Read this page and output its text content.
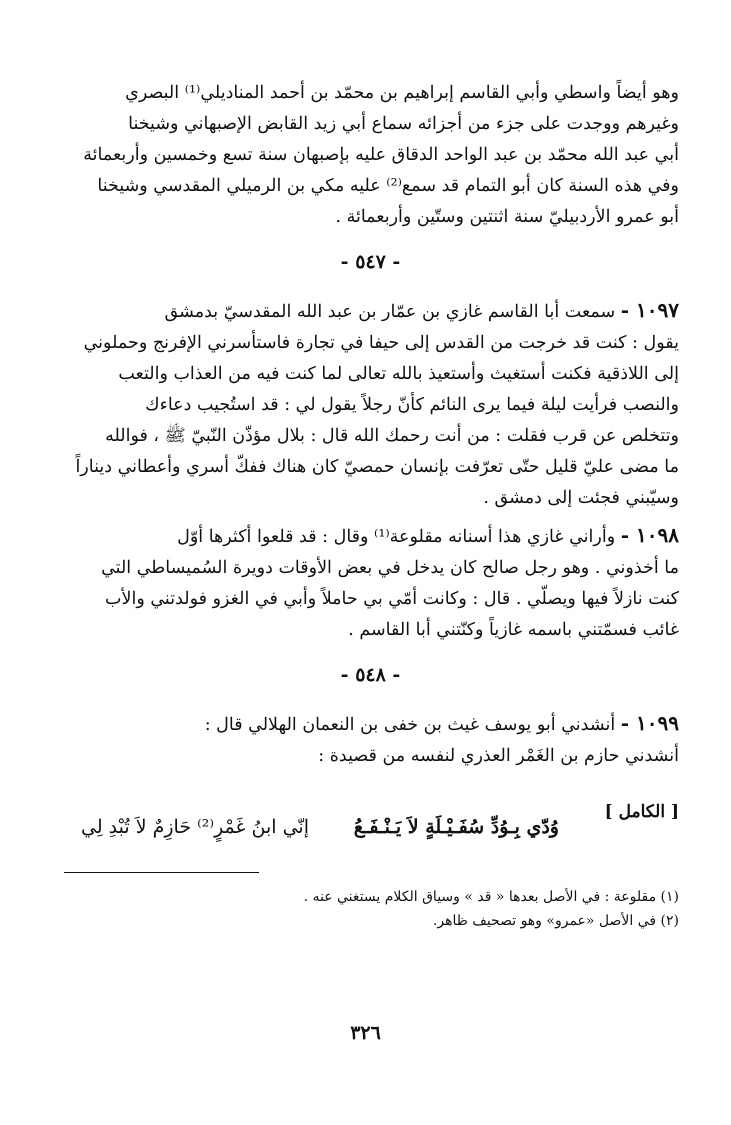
وهو أيضاً واسطي وأبي القاسم إبراهيم بن محمّد بن أحمد المناديلي⁽¹⁾ البصري
وغيرهم ووجدت على جزء من أجزائه سماع أبي زيد القابض الإصبهاني وشيخنا
أبي عبد الله محمّد بن عبد الواحد الدقاق عليه بإصبهان سنة تسع وخمسين وأربعمائة
وفي هذه السنة كان أبو التمام قد سمع⁽²⁾ عليه مكي بن الرميلي المقدسي وشيخنا
أبو عمرو الأردبيليّ سنة اثنتين وستّين وأربعمائة .
- ٥٤٧ -
١٠٩٧ - سمعت أبا القاسم غازي بن عمّار بن عبد الله المقدسيّ بدمشق
يقول : كنت قد خرجت من القدس إلى حيفا في تجارة فاستأسرني الإفرنج وحملوني
إلى اللاذقية فكنت أستغيث وأستعيذ بالله تعالى لما كنت فيه من العذاب والتعب
والنصب فرأيت ليلة فيما يرى النائم كأنّ رجلاً يقول لي : قد استُجيب دعاءك
وتتخلص عن قرب فقلت : من أنت رحمك الله قال : بلال مؤذّن النّبيّ ﷺ ، فوالله
ما مضى عليّ قليل حتّى تعرّفت بإنسان حمصيّ كان هناك ففكّ أسري وأعطاني ديناراً
وسيّبني فجئت إلى دمشق .
١٠٩٨ - وأراني غازي هذا أسنانه مقلوعة⁽¹⁾ وقال : قد قلعوا أكثرها أوّل
ما أخذوني . وهو رجل صالح كان يدخل في بعض الأوقات دويرة السُميساطي التي
كنت نازلاً فيها ويصلّي . قال : وكانت أمّي بي حاملاً وأبي في الغزو فولدتني والأب
غائب فسمّتني باسمه غازياً وكنّتني أبا القاسم .
- ٥٤٨ -
١٠٩٩ - أنشدني أبو يوسف غيث بن خفى بن النعمان الهلالي قال :
أنشدني حازم بن الغَمْر العذري لنفسه من قصيدة :
[ الكامل ]
إنّي ابنُ غَمْرٍ⁽²⁾ حَازِمٌ لاَ تُبْدِ لِي وُدّي بِـوُدِّ سُفَـيْـلَةٍ لاَ يَـنْـفَـعُ
(١) مقلوعة : في الأصل بعدها « قد » وسياق الكلام يستغني عنه .
(٢) في الأصل «عمرو» وهو تصحيف ظاهر.
٣٢٦
